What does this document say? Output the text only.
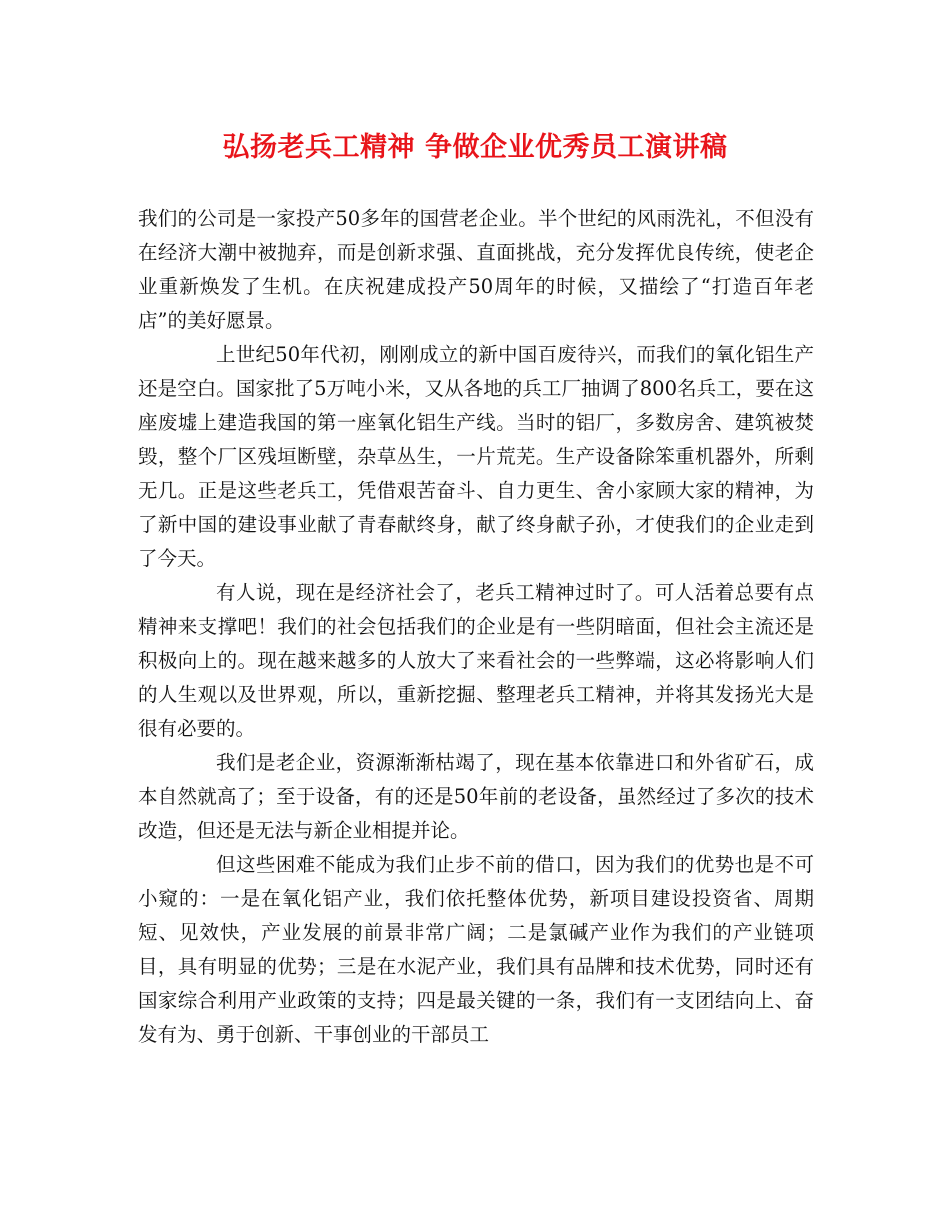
弘扬老兵工精神 争做企业优秀员工演讲稿

我们的公司是一家投产50多年的国营老企业。半个世纪的风雨洗礼，不但没有在经济大潮中被抛弃，而是创新求强、直面挑战，充分发挥优良传统，使老企业重新焕发了生机。在庆祝建成投产50周年的时候，又描绘了“打造百年老店”的美好愿景。

上世纪50年代初，刚刚成立的新中国百废待兴，而我们的氧化铝生产还是空白。国家批了5万吨小米，又从各地的兵工厂抽调了800名兵工，要在这座废墟上建造我国的第一座氧化铝生产线。当时的铝厂，多数房舍、建筑被焚毁，整个厂区残垣断壁，杂草丛生，一片荒芜。生产设备除笨重机器外，所剩无几。正是这些老兵工，凭借艰苦奋斗、自力更生、舍小家顾大家的精神，为了新中国的建设事业献了青春献终身，献了终身献子孙，才使我们的企业走到了今天。

有人说，现在是经济社会了，老兵工精神过时了。可人活着总要有点精神来支撑吧！我们的社会包括我们的企业是有一些阴暗面，但社会主流还是积极向上的。现在越来越多的人放大了来看社会的一些弊端，这必将影响人们的人生观以及世界观，所以，重新挖掘、整理老兵工精神，并将其发扬光大是很有必要的。

我们是老企业，资源渐渐枯竭了，现在基本依靠进口和外省矿石，成本自然就高了；至于设备，有的还是50年前的老设备，虽然经过了多次的技术改造，但还是无法与新企业相提并论。

但这些困难不能成为我们止步不前的借口，因为我们的优势也是不可小窥的：一是在氧化铝产业，我们依托整体优势，新项目建设投资省、周期短、见效快，产业发展的前景非常广阔；二是氯碱产业作为我们的产业链项目，具有明显的优势；三是在水泥产业，我们具有品牌和技术优势，同时还有国家综合利用产业政策的支持；四是最关键的一条，我们有一支团结向上、奋发有为、勇于创新、干事创业的干部员工
